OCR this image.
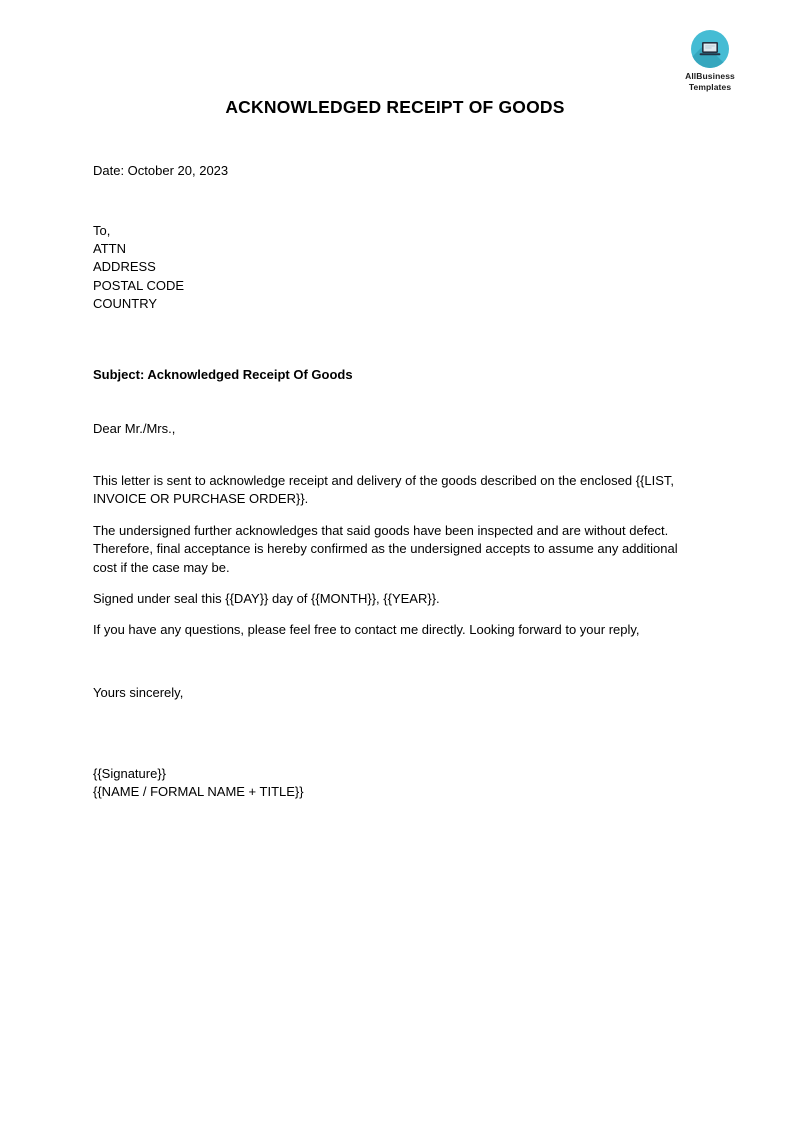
AllBusiness
Templates
ACKNOWLEDGED RECEIPT OF GOODS
Date: October 20, 2023
To,
ATTN
ADDRESS
POSTAL CODE
COUNTRY
Subject: Acknowledged Receipt Of Goods
Dear Mr./Mrs.,

This letter is sent to acknowledge receipt and delivery of the goods described on the enclosed {{LIST, INVOICE OR PURCHASE ORDER}}.

The undersigned further acknowledges that said goods have been inspected and are without defect. Therefore, final acceptance is hereby confirmed as the undersigned accepts to assume any additional cost if the case may be.

Signed under seal this {{DAY}} day of {{MONTH}}, {{YEAR}}.

If you have any questions, please feel free to contact me directly. Looking forward to your reply,

Yours sincerely,
{{Signature}}
{{NAME / FORMAL NAME + TITLE}}
